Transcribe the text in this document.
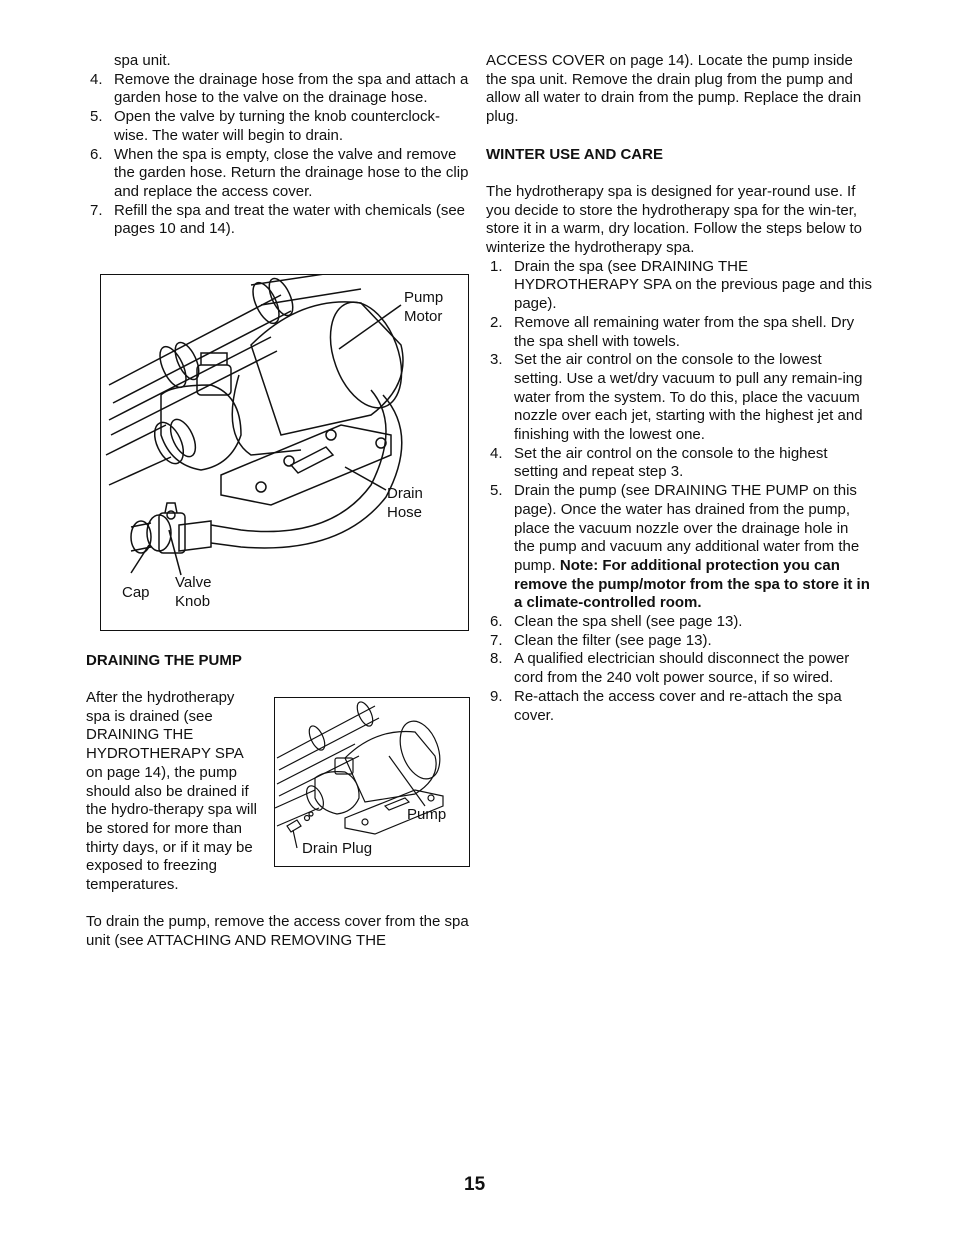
spa unit.

4. Remove the drainage hose from the spa and attach a garden hose to the valve on the drainage hose.
5. Open the valve by turning the knob counterclock-wise. The water will begin to drain.
6. When the spa is empty, close the valve and remove the garden hose. Return the drainage hose to the clip and replace the access cover.
7. Refill the spa and treat the water with chemicals (see pages 10 and 14).
Pump Motor
Drain Hose
Cap
Valve Knob
DRAINING THE PUMP
After the hydrotherapy spa is drained (see DRAINING THE HYDROTHERAPY SPA on page 14), the pump should also be drained if the hydro-therapy spa will be stored for more than thirty days, or if it may be exposed to freezing temperatures.
Pump
Drain Plug
To drain the pump, remove the access cover from the spa unit (see ATTACHING AND REMOVING THE

ACCESS COVER on page 14). Locate the pump inside the spa unit. Remove the drain plug from the pump and allow all water to drain from the pump. Replace the drain plug.

WINTER USE AND CARE

The hydrotherapy spa is designed for year-round use. If you decide to store the hydrotherapy spa for the win-ter, store it in a warm, dry location. Follow the steps below to winterize the hydrotherapy spa.

1. Drain the spa (see DRAINING THE HYDROTHERAPY SPA on the previous page and this page).
2. Remove all remaining water from the spa shell. Dry the spa shell with towels.
3. Set the air control on the console to the lowest setting. Use a wet/dry vacuum to pull any remain-ing water from the system. To do this, place the vacuum nozzle over each jet, starting with the highest jet and finishing with the lowest one.
4. Set the air control on the console to the highest setting and repeat step 3.
5. Drain the pump (see DRAINING THE PUMP on this page). Once the water has drained from the pump, place the vacuum nozzle over the drainage hole in the pump and vacuum any additional water from the pump. Note: For additional protection you can remove the pump/motor from the spa to store it in a climate-controlled room.
6. Clean the spa shell (see page 13).
7. Clean the filter (see page 13).
8. A qualified electrician should disconnect the power cord from the 240 volt power source, if so wired.
9. Re-attach the access cover and re-attach the spa cover.
15
